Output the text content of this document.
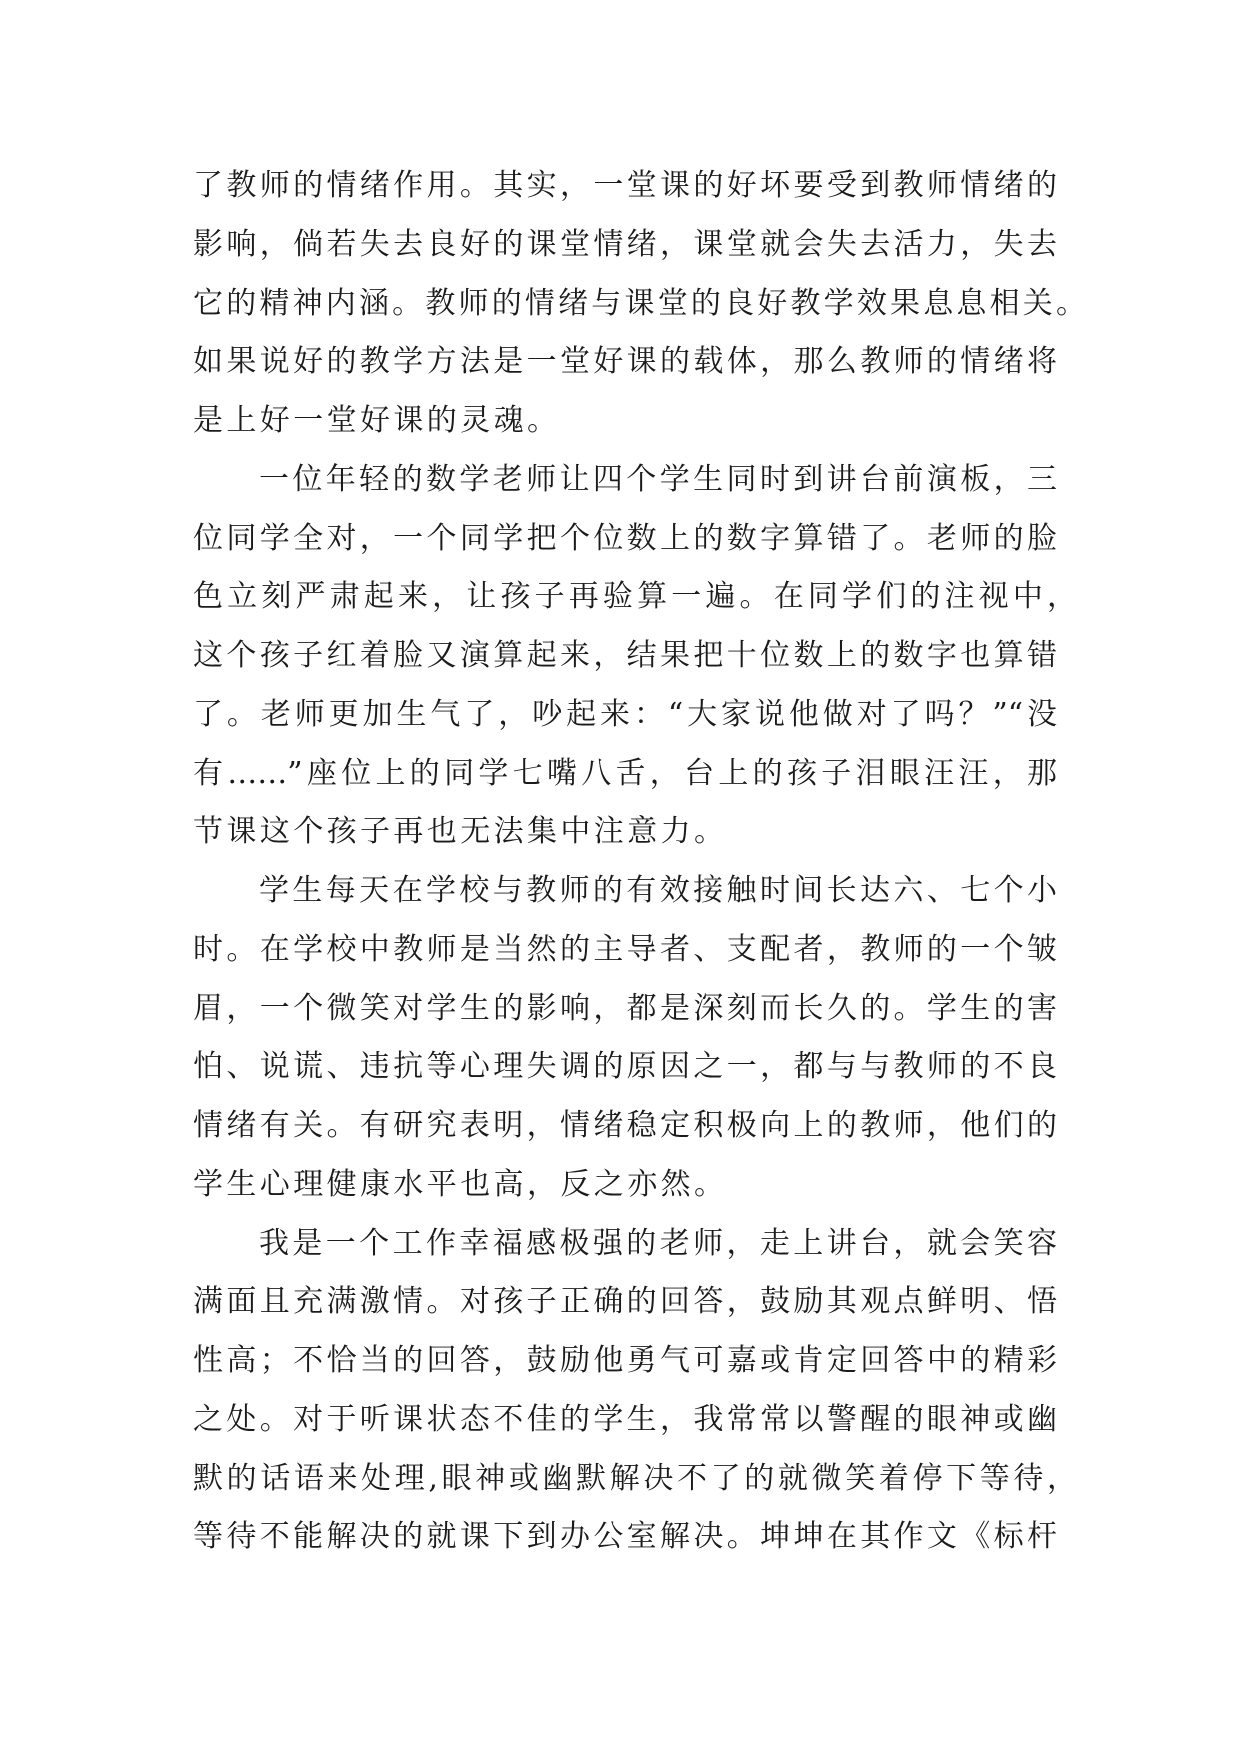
了教师的情绪作用。其实，一堂课的好坏要受到教师情绪的
影响，倘若失去良好的课堂情绪，课堂就会失去活力，失去
它的精神内涵。教师的情绪与课堂的良好教学效果息息相关。
如果说好的教学方法是一堂好课的载体，那么教师的情绪将
是上好一堂好课的灵魂。
一位年轻的数学老师让四个学生同时到讲台前演板，三
位同学全对，一个同学把个位数上的数字算错了。老师的脸
色立刻严肃起来，让孩子再验算一遍。在同学们的注视中，
这个孩子红着脸又演算起来，结果把十位数上的数字也算错
了。老师更加生气了，吵起来：“大家说他做对了吗？”“没
有……”座位上的同学七嘴八舌，台上的孩子泪眼汪汪，那
节课这个孩子再也无法集中注意力。
学生每天在学校与教师的有效接触时间长达六、七个小
时。在学校中教师是当然的主导者、支配者，教师的一个皱
眉，一个微笑对学生的影响，都是深刻而长久的。学生的害
怕、说谎、违抗等心理失调的原因之一，都与与教师的不良
情绪有关。有研究表明，情绪稳定积极向上的教师，他们的
学生心理健康水平也高，反之亦然。
我是一个工作幸福感极强的老师，走上讲台，就会笑容
满面且充满激情。对孩子正确的回答，鼓励其观点鲜明、悟
性高；不恰当的回答，鼓励他勇气可嘉或肯定回答中的精彩
之处。对于听课状态不佳的学生，我常常以警醒的眼神或幽
默的话语来处理,眼神或幽默解决不了的就微笑着停下等待，
等待不能解决的就课下到办公室解决。坤坤在其作文《标杆
